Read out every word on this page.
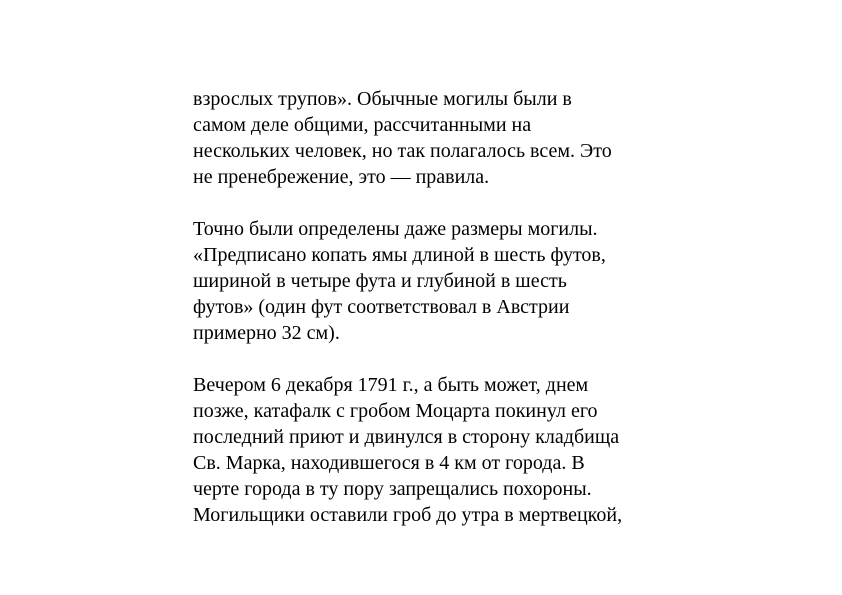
взрослых трупов». Обычные могилы были в
самом деле общими, рассчитанными на
нескольких человек, но так полагалось всем. Это
не пренебрежение, это — правила.

Точно были определены даже размеры могилы.
«Предписано копать ямы длиной в шесть футов,
шириной в четыре фута и глубиной в шесть
футов» (один фут соответствовал в Австрии
примерно 32 см).

Вечером 6 декабря 1791 г., а быть может, днем
позже, катафалк с гробом Моцарта покинул его
последний приют и двинулся в сторону кладбища
Св. Марка, находившегося в 4 км от города. В
черте города в ту пору запрещались похороны.
Могильщики оставили гроб до утра в мертвецкой,
